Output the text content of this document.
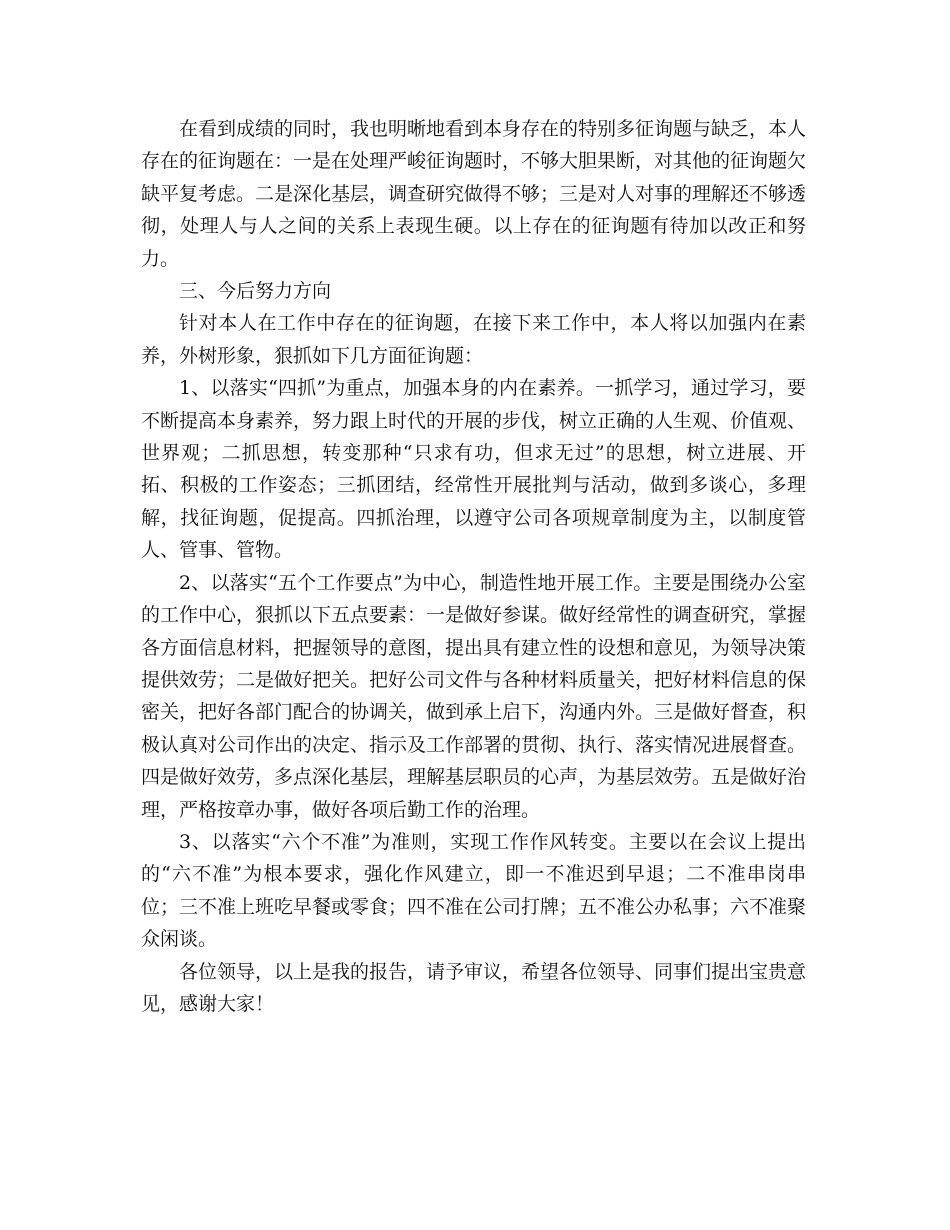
在看到成绩的同时，我也明晰地看到本身存在的特别多征询题与缺乏，本人存在的征询题在：一是在处理严峻征询题时，不够大胆果断，对其他的征询题欠缺平复考虑。二是深化基层，调查研究做得不够；三是对人对事的理解还不够透彻，处理人与人之间的关系上表现生硬。以上存在的征询题有待加以改正和努力。

三、今后努力方向

针对本人在工作中存在的征询题，在接下来工作中，本人将以加强内在素养，外树形象，狠抓如下几方面征询题：

1、以落实“四抓”为重点，加强本身的内在素养。一抓学习，通过学习，要不断提高本身素养，努力跟上时代的开展的步伐，树立正确的人生观、价值观、世界观；二抓思想，转变那种“只求有功，但求无过”的思想，树立进展、开拓、积极的工作姿态；三抓团结，经常性开展批判与活动，做到多谈心，多理解，找征询题，促提高。四抓治理，以遵守公司各项规章制度为主，以制度管人、管事、管物。

2、以落实“五个工作要点”为中心，制造性地开展工作。主要是围绕办公室的工作中心，狠抓以下五点要素：一是做好参谋。做好经常性的调查研究，掌握各方面信息材料，把握领导的意图，提出具有建立性的设想和意见，为领导决策提供效劳；二是做好把关。把好公司文件与各种材料质量关，把好材料信息的保密关，把好各部门配合的协调关，做到承上启下，沟通内外。三是做好督查，积极认真对公司作出的决定、指示及工作部署的贯彻、执行、落实情况进展督查。四是做好效劳，多点深化基层，理解基层职员的心声，为基层效劳。五是做好治理，严格按章办事，做好各项后勤工作的治理。

3、以落实“六个不准”为准则，实现工作作风转变。主要以在会议上提出的“六不准”为根本要求，强化作风建立，即一不准迟到早退；二不准串岗串位；三不准上班吃早餐或零食；四不准在公司打牌；五不准公办私事；六不准聚众闲谈。

各位领导，以上是我的报告，请予审议，希望各位领导、同事们提出宝贵意见，感谢大家！
